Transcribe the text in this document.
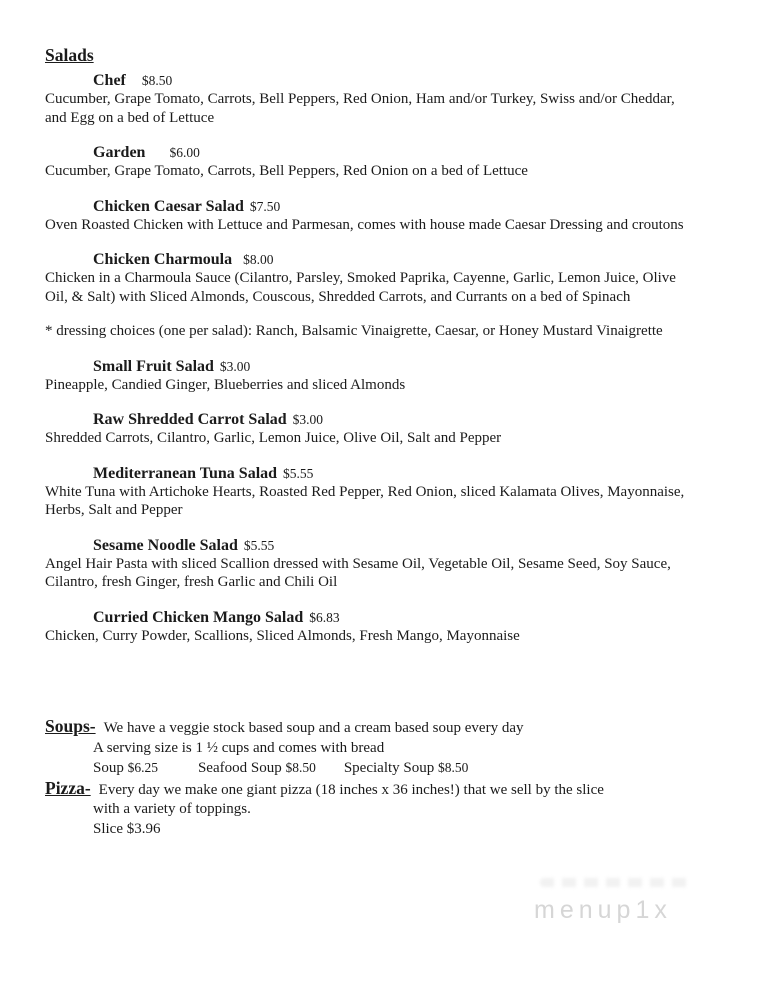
Salads
Chef $8.50
Cucumber, Grape Tomato, Carrots, Bell Peppers, Red Onion, Ham and/or Turkey, Swiss and/or Cheddar,
and Egg on a bed of Lettuce
Garden $6.00
Cucumber, Grape Tomato, Carrots, Bell Peppers, Red Onion on a bed of Lettuce
Chicken Caesar Salad $7.50
Oven Roasted Chicken with Lettuce and Parmesan, comes with house made Caesar Dressing and croutons
Chicken Charmoula $8.00
Chicken in a Charmoula Sauce (Cilantro, Parsley, Smoked Paprika, Cayenne, Garlic, Lemon Juice, Olive
Oil, & Salt) with Sliced Almonds, Couscous, Shredded Carrots, and Currants on a bed of Spinach
* dressing choices (one per salad): Ranch, Balsamic Vinaigrette, Caesar, or Honey Mustard Vinaigrette
Small Fruit Salad $3.00
Pineapple, Candied Ginger, Blueberries and sliced Almonds
Raw Shredded Carrot Salad $3.00
Shredded Carrots, Cilantro, Garlic, Lemon Juice, Olive Oil, Salt and Pepper
Mediterranean Tuna Salad $5.55
White Tuna with Artichoke Hearts, Roasted Red Pepper, Red Onion, sliced Kalamata Olives, Mayonnaise,
Herbs, Salt and Pepper
Sesame Noodle Salad $5.55
Angel Hair Pasta with sliced Scallion dressed with Sesame Oil, Vegetable Oil, Sesame Seed, Soy Sauce,
Cilantro, fresh Ginger, fresh Garlic and Chili Oil
Curried Chicken Mango Salad $6.83
Chicken, Curry Powder, Scallions, Sliced Almonds, Fresh Mango, Mayonnaise
Soups- We have a veggie stock based soup and a cream based soup every day
A serving size is 1 ½ cups and comes with bread
Soup $6.25	Seafood Soup $8.50 Specialty Soup $8.50
Pizza- Every day we make one giant pizza (18 inches x 36 inches!) that we sell by the slice
with a variety of toppings.
Slice $3.96
menup1x
